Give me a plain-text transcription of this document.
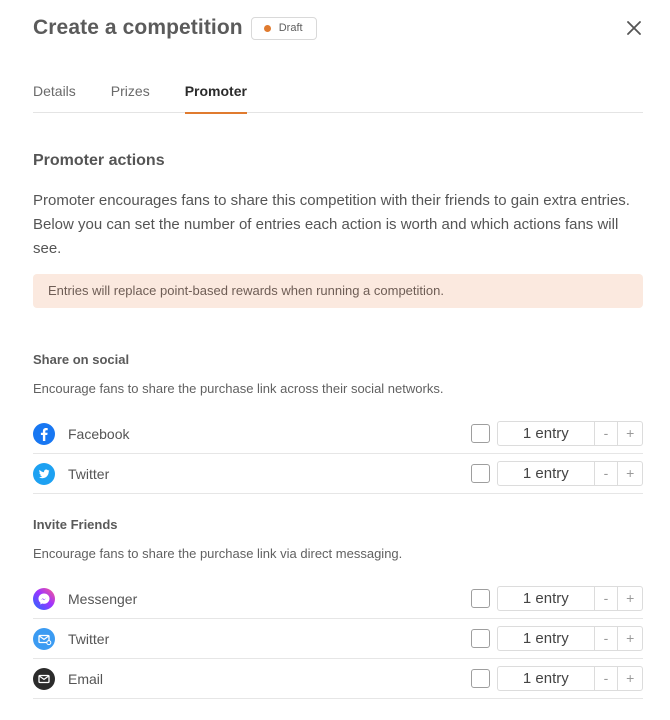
Create a competition	Draft
Details	Prizes	Promoter
Promoter actions
Promoter encourages fans to share this competition with their friends to gain extra entries. Below you can set the number of entries each action is worth and which actions fans will see.
Entries will replace point-based rewards when running a competition.
Share on social
Encourage fans to share the purchase link across their social networks.
Facebook	1 entry	-	+
Twitter	1 entry	-	+
Invite Friends
Encourage fans to share the purchase link via direct messaging.
Messenger	1 entry	-	+
Twitter	1 entry	-	+
Email	1 entry	-	+
